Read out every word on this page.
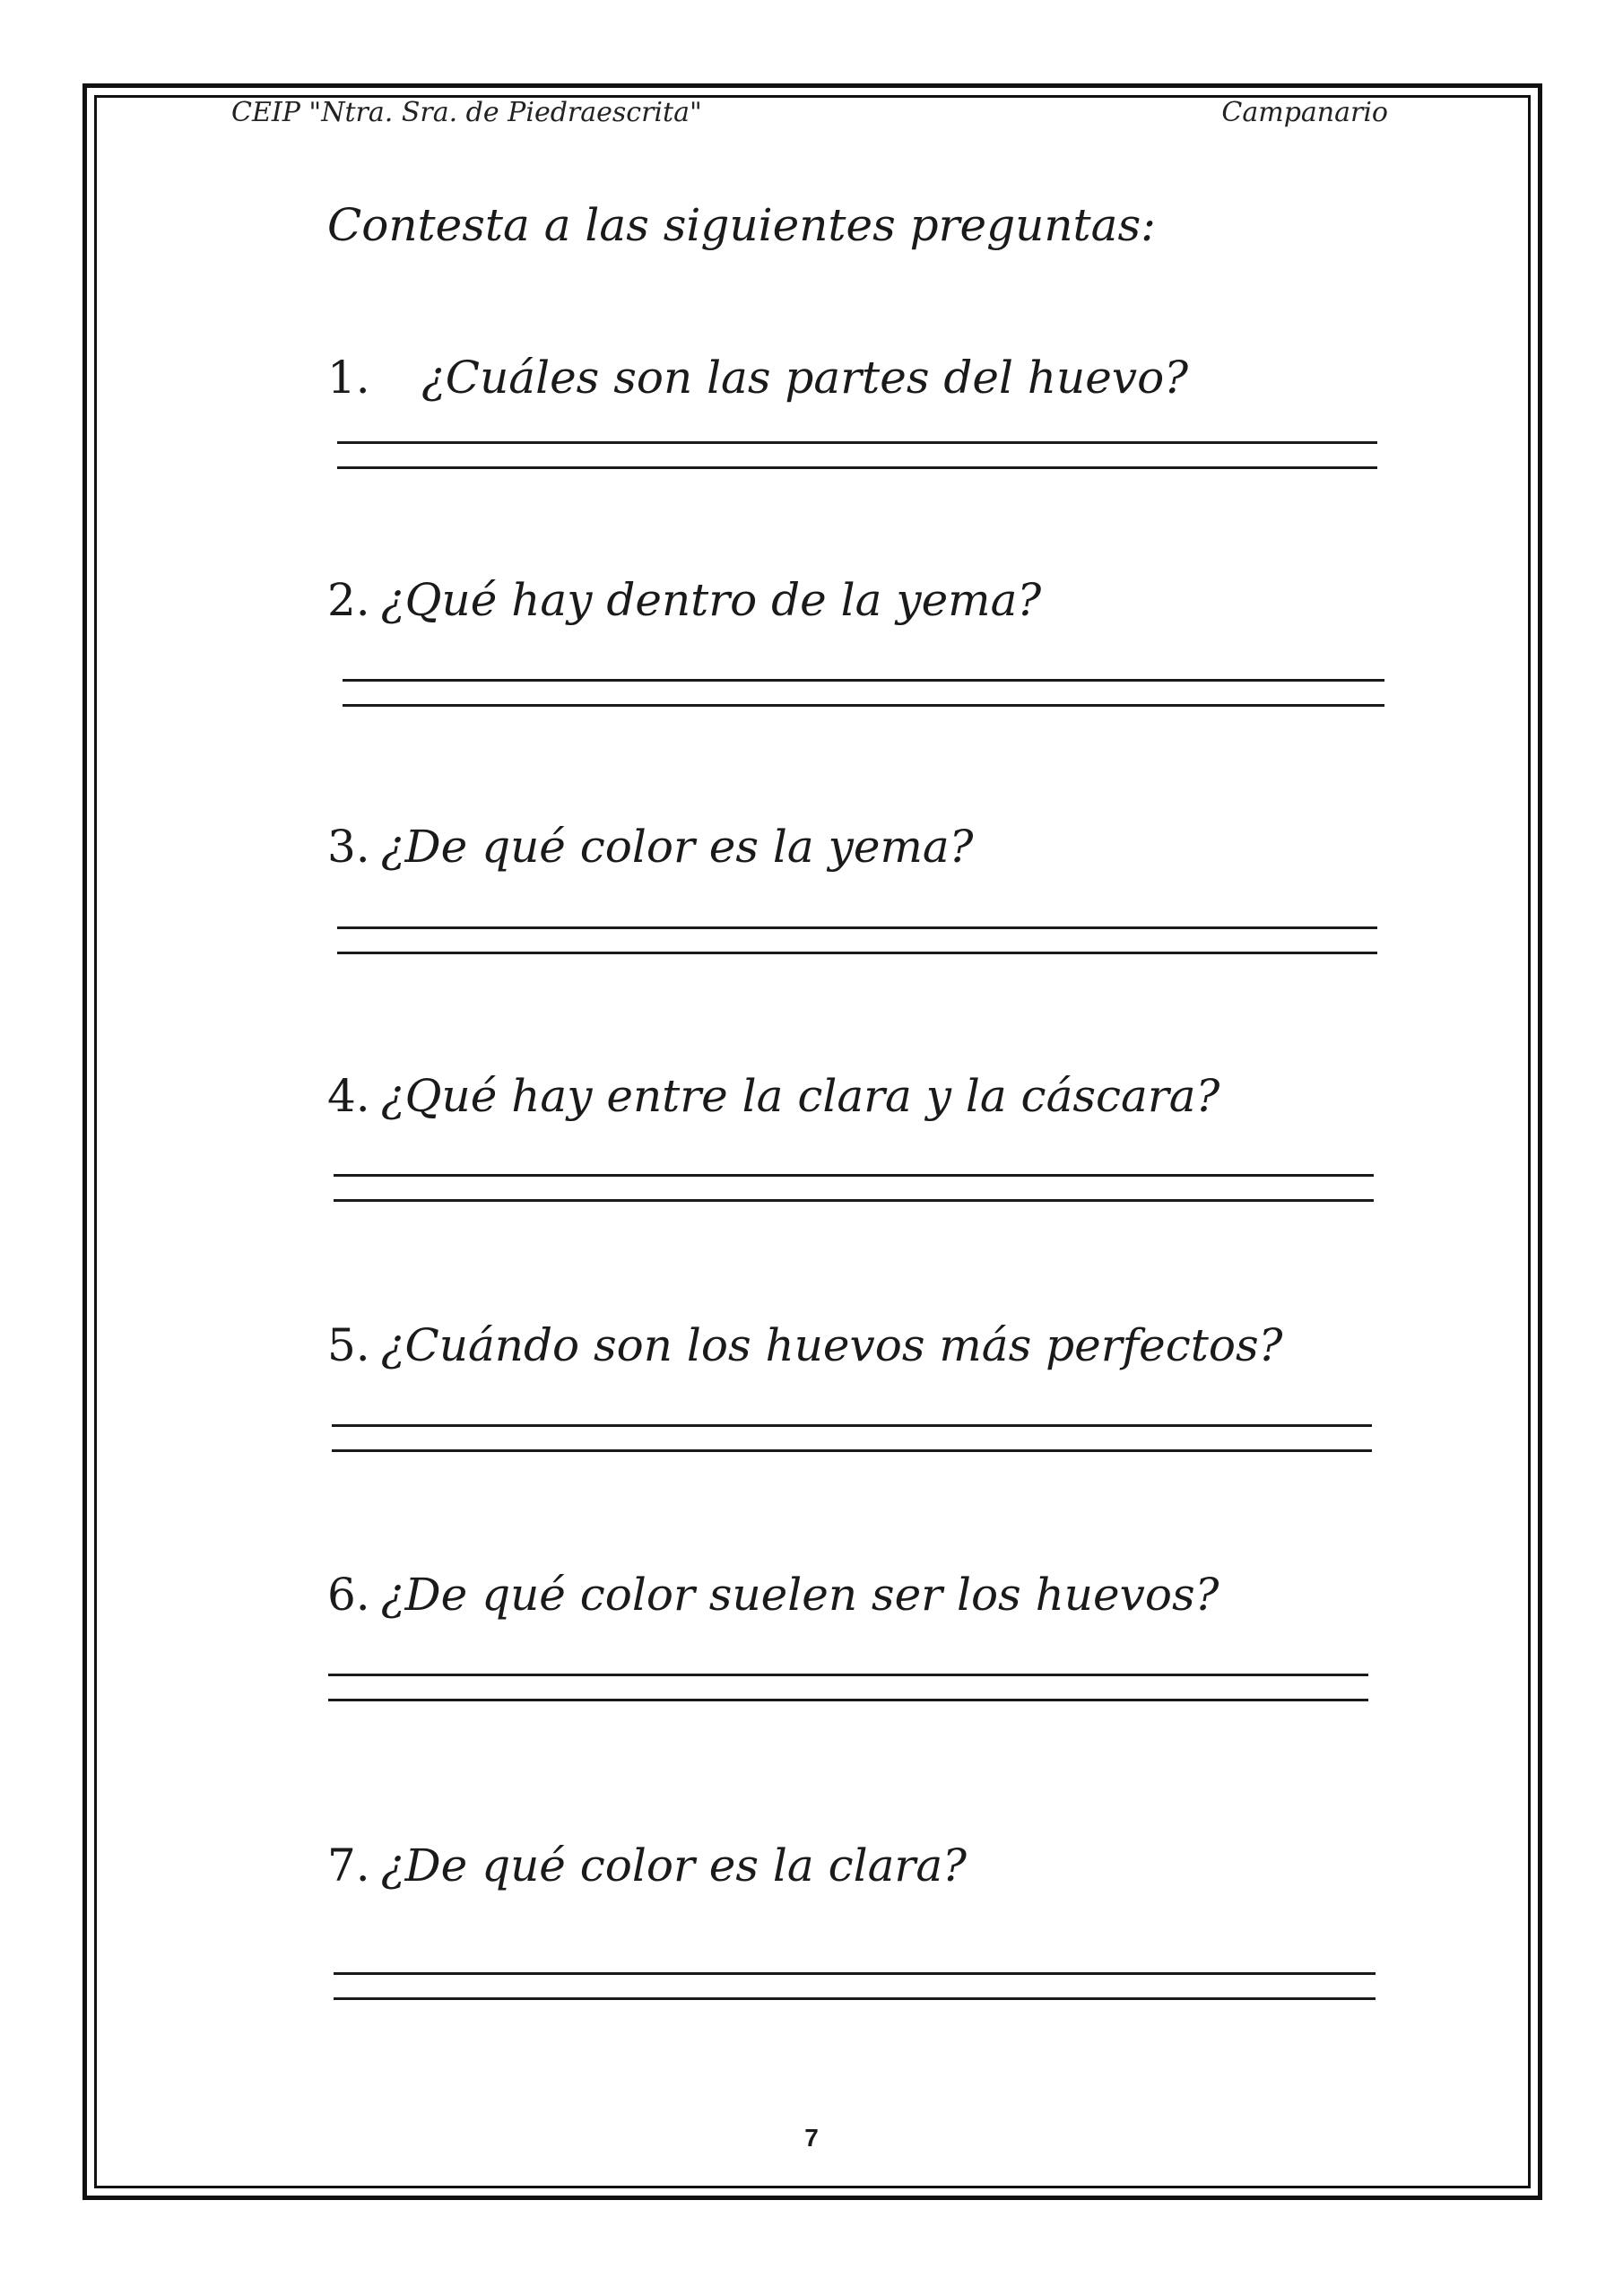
CEIP "Ntra. Sra. de Piedraescrita"	Campanario
Contesta a las siguientes preguntas:
1. ¿Cuáles son las partes del huevo?
2. ¿Qué hay dentro de la yema?
3. ¿De qué color es la yema?
4. ¿Qué hay entre la clara y la cáscara?
5. ¿Cuándo son los huevos más perfectos?
6. ¿De qué color suelen ser los huevos?
7. ¿De qué color es la clara?
7
